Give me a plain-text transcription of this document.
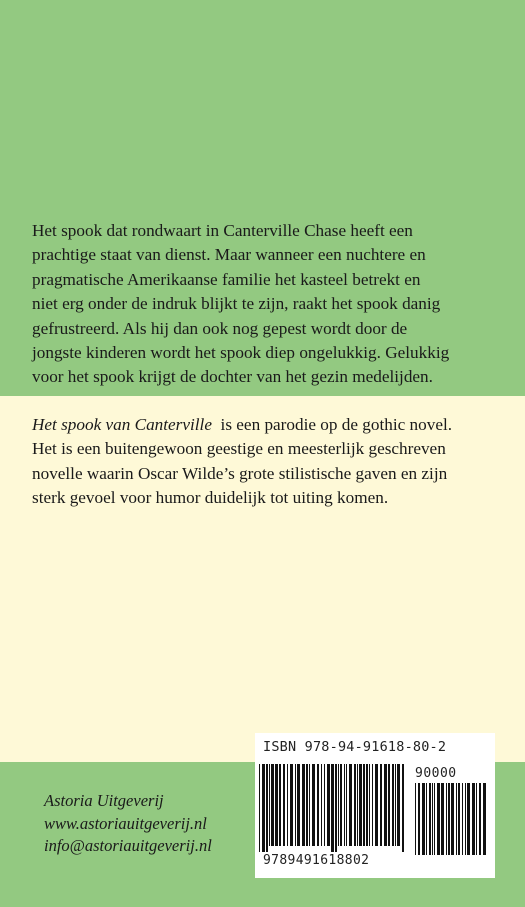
Het spook dat rondwaart in Canterville Chase heeft een
prachtige staat van dienst. Maar wanneer een nuchtere en
pragmatische Amerikaanse familie het kasteel betrekt en
niet erg onder de indruk blijkt te zijn, raakt het spook danig
gefrustreerd. Als hij dan ook nog gepest wordt door de
jongste kinderen wordt het spook diep ongelukkig. Gelukkig
voor het spook krijgt de dochter van het gezin medelijden.

Het spook van Canterville  is een parodie op de gothic novel.
Het is een buitengewoon geestige en meesterlijk geschreven
novelle waarin Oscar Wilde’s grote stilistische gaven en zijn
sterk gevoel voor humor duidelijk tot uiting komen.

Astoria Uitgeverij
www.astoriauitgeverij.nl
info@astoriauitgeverij.nl
ISBN 978-94-91618-80-2
90000
9789491618802
